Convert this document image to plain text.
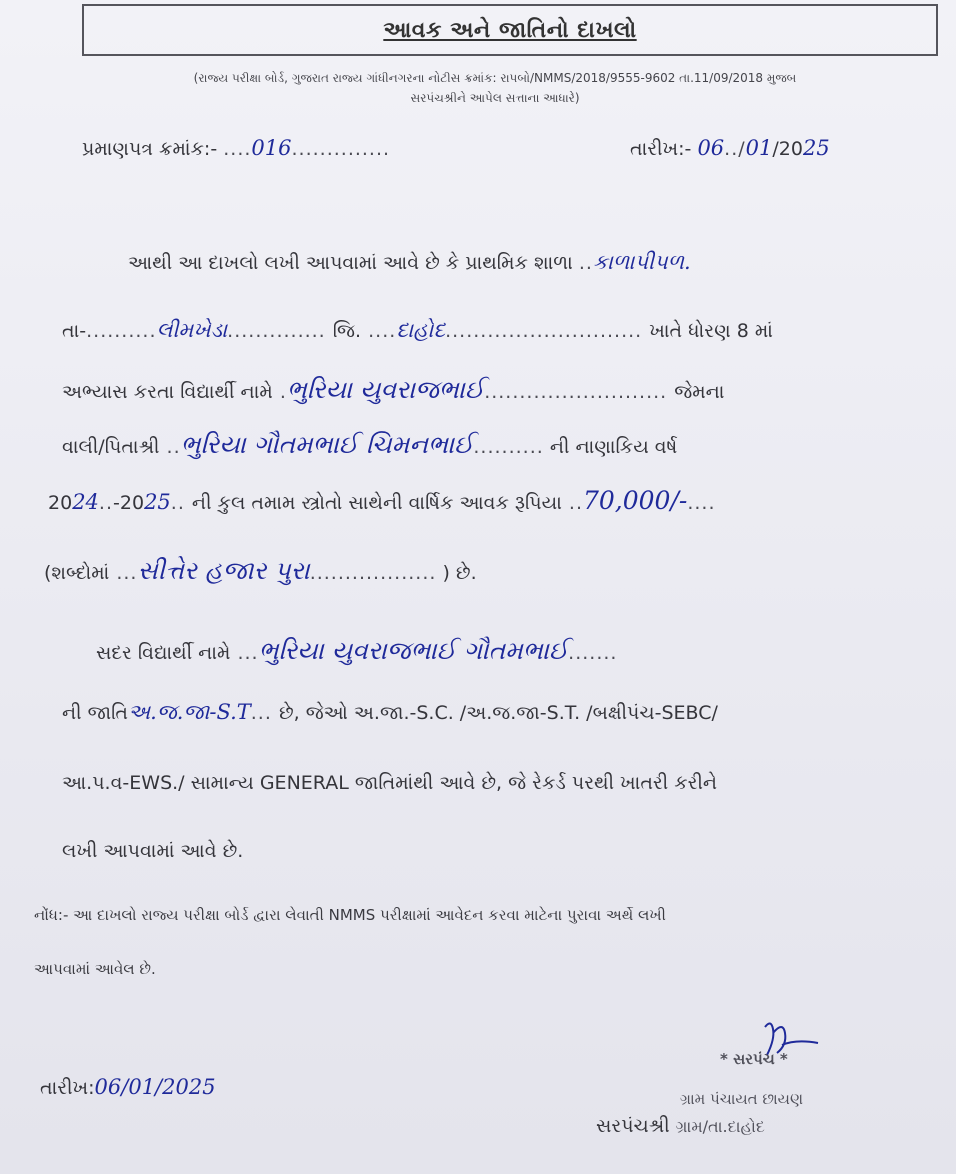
આવક અને જાતિનો દાખલો
(રાજ્ય પરીક્ષા બોર્ડ, ગુજરાત રાજ્ય ગાંધીનગરના નોટીસ ક્રમાંક: રાપબો/NMMS/2018/9555-9602 તા.11/09/2018 મુજબ
સરપંચશ્રીને આપેલ સત્તાના આધારે)
પ્રમાણપત્ર ક્રમાંક:- ....016..............	તારીખ:- 06../01/2025
આથી આ દાખલો લખી આપવામાં આવે છે કે પ્રાથમિક શાળા ..કાળાપીપળ.
તા-..........લીમખેડા.............. જિ. ....દાહોદ............................ ખાતે ધોરણ 8 માં
અભ્યાસ કરતા વિદ્યાર્થી નામે .ભુરિયા યુવરાજભાઈ.......................... જેમના
વાલી/પિતાશ્રી ..ભુરિયા ગૌતમભાઈ ચિમનભાઈ.......... ની નાણાકિય વર્ષ
2024..-2025.. ની કુલ તમામ સ્ત્રોતો સાથેની વાર્ષિક આવક રૂપિયા ..70,000/-....
(શબ્દોમાં ...સીત્તેર હજાર પુરા.................. ) છે.
સદર વિદ્યાર્થી નામે ...ભુરિયા યુવરાજભાઈ ગૌતમભાઈ.......
ની જાતિઅ.જ.જા-S.T... છે, જેઓ અ.જા.-S.C. /અ.જ.જા-S.T. /બક્ષીપંચ-SEBC/
આ.પ.વ-EWS./ સામાન્ય GENERAL જાતિમાંથી આવે છે, જે રેકર્ડ પરથી ખાતરી કરીને
લખી આપવામાં આવે છે.
નોંધ:- આ દાખલો રાજ્ય પરીક્ષા બોર્ડ દ્વારા લેવાતી NMMS પરીક્ષામાં આવેદન કરવા માટેના પુરાવા અર્થે લખી
આપવામાં આવેલ છે.
તારીખ:06/01/2025
* સરપંચ *
ગ્રામ પંચાયત છાયણ
સરપંચશ્રી ગ્રામ/તા.દાહોદ
